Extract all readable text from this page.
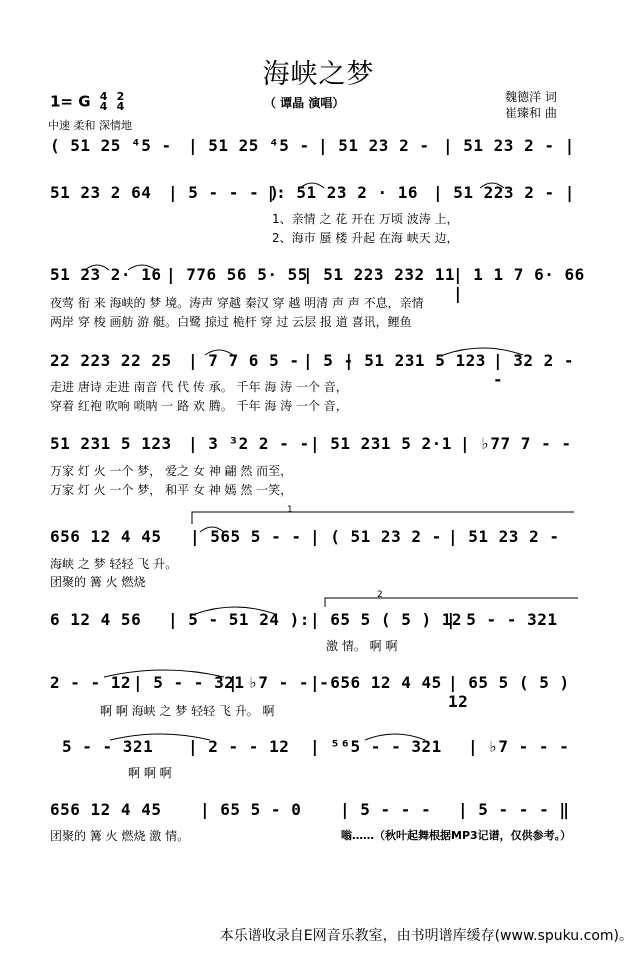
海峡之梦
（ 谭晶 演唱）	魏德洋 词
崔臻和 曲
1= G 4
4 2
4
中速 柔和 深情地
( 51 25 ⁴5 - | 51 25 ⁴5 - | 51 23 2 - | 51 23 2 - |
51 23 2 64 | 5 - - - )
|: 51 23 2 · 16 | 51 223 2 - |
1、亲情 之 花 开在 万顷 波涛 上，
2、海市 蜃 楼 升起 在海 峡天 边，
51 23 2· 16 | 776 56 5· 55
| 51 223 232 11
| 1 1 7 6· 66 |
夜莺 衔 来 海峡的 梦 境。涛声 穿越 秦汉 穿 越 明清 声 声 不息，亲情
两岸 穿 梭 画舫 游 艇。白鹭 掠过 桅杆 穿 过 云层 报 道 喜讯，鲤鱼
22 223 22 25 | 7 7 6 5 - | 5 -
| 51 231 5 123 | 32 2 - -
走进 唐诗 走进 南音 代 代 传 承。 千年 海 涛 一个 音，
穿着 红袍 吹响 唢呐 一 路 欢 腾。 千年 海 涛 一个 音，
51 231 5 123 | 3 ³2 2 - - | 51 231 5 2·1 | ♭77 7 - -
万家 灯 火 一个 梦， 爱之 女 神 翩 然 而至，
万家 灯 火 一个 梦， 和平 女 神 嫣 然 一笑，
656 12 4 45 | 565 5 - - | ( 51 23 2 - | 51 23 2 -
1
海峡 之 梦 轻轻 飞 升。
团聚的 篝 火 燃烧
6 12 4 56 | 5 - 51 24 ): | 65 5 ( 5 ) 12
| 5 - - 321
2
激 情。 啊 啊
2 - - 12 | 5 - - 321
| ♭7 - - -
| 656 12 4 45 | 65 5 ( 5 ) 12
啊 啊 海峡 之 梦 轻轻 飞 升。 啊
5 - - 321 | 2 - - 12 | ⁵⁶5 - - 321 | ♭7 - - -
啊 啊 啊
656 12 4 45 | 65 5 - 0 | 5 - - - | 5 - - - ‖
团聚的 篝 火 燃烧 激 情。	嗡……（秋叶起舞根据MP3记谱，仅供参考。）
本乐谱收录自E网音乐教室，由书明谱库缓存(www.spuku.com)。
